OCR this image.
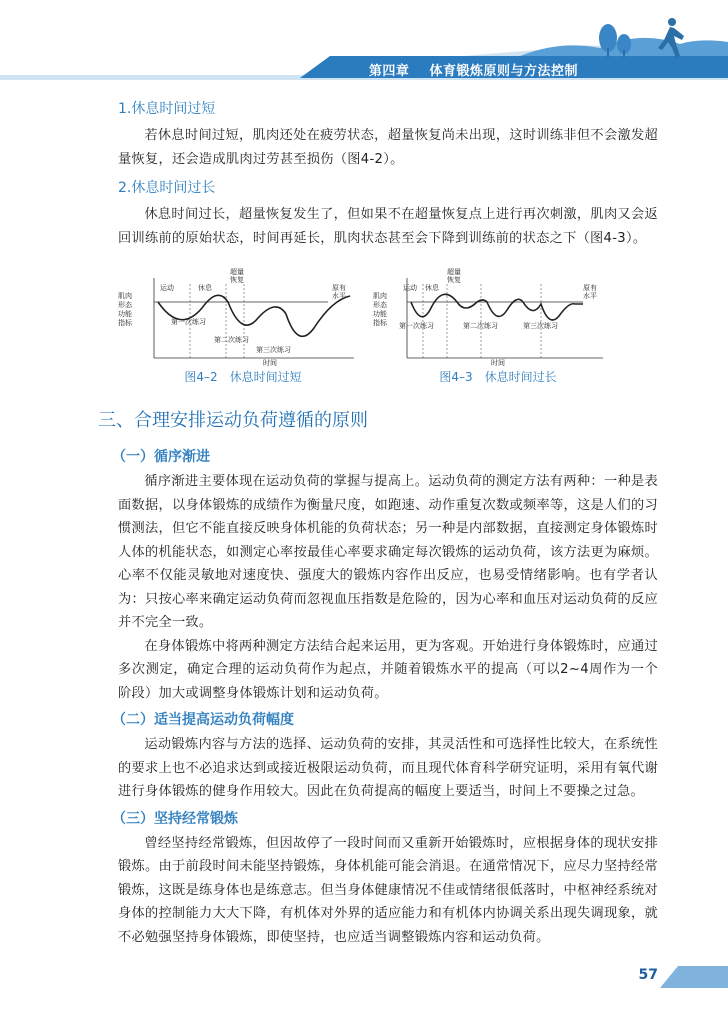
第四章 体育锻炼原则与方法控制
1.休息时间过短

若休息时间过短，肌肉还处在疲劳状态，超量恢复尚未出现，这时训练非但不会激发超量恢复，还会造成肌肉过劳甚至损伤（图4-2）。

2.休息时间过长

休息时间过长，超量恢复发生了，但如果不在超量恢复点上进行再次刺激，肌肉又会返回训练前的原始状态，时间再延长，肌肉状态甚至会下降到训练前的状态之下（图4-3）。

肌肉
形态
功能
指标
运动	休息
超量
恢复
原有
水平
第一次练习
第二次练习
第三次练习
时间
图4–2　休息时间过短
肌肉
形态
功能
指标
运动 休息
超量
恢复
原有
水平
第一次练习	第二次练习	第三次练习
时间
图4–3　休息时间过长
三、合理安排运动负荷遵循的原则
（一）循序渐进

循序渐进主要体现在运动负荷的掌握与提高上。运动负荷的测定方法有两种：一种是表面数据，以身体锻炼的成绩作为衡量尺度，如跑速、动作重复次数或频率等，这是人们的习惯测法，但它不能直接反映身体机能的负荷状态；另一种是内部数据，直接测定身体锻炼时人体的机能状态，如测定心率按最佳心率要求确定每次锻炼的运动负荷，该方法更为麻烦。心率不仅能灵敏地对速度快、强度大的锻炼内容作出反应，也易受情绪影响。也有学者认为：只按心率来确定运动负荷而忽视血压指数是危险的，因为心率和血压对运动负荷的反应并不完全一致。

在身体锻炼中将两种测定方法结合起来运用，更为客观。开始进行身体锻炼时，应通过多次测定，确定合理的运动负荷作为起点，并随着锻炼水平的提高（可以2~4周作为一个阶段）加大或调整身体锻炼计划和运动负荷。

（二）适当提高运动负荷幅度

运动锻炼内容与方法的选择、运动负荷的安排，其灵活性和可选择性比较大，在系统性的要求上也不必追求达到或接近极限运动负荷，而且现代体育科学研究证明，采用有氧代谢进行身体锻炼的健身作用较大。因此在负荷提高的幅度上要适当，时间上不要操之过急。

（三）坚持经常锻炼

曾经坚持经常锻炼，但因故停了一段时间而又重新开始锻炼时，应根据身体的现状安排锻炼。由于前段时间未能坚持锻炼，身体机能可能会消退。在通常情况下，应尽力坚持经常锻炼，这既是练身体也是练意志。但当身体健康情况不佳或情绪很低落时，中枢神经系统对身体的控制能力大大下降，有机体对外界的适应能力和有机体内协调关系出现失调现象，就不必勉强坚持身体锻炼，即使坚持，也应适当调整锻炼内容和运动负荷。

57
